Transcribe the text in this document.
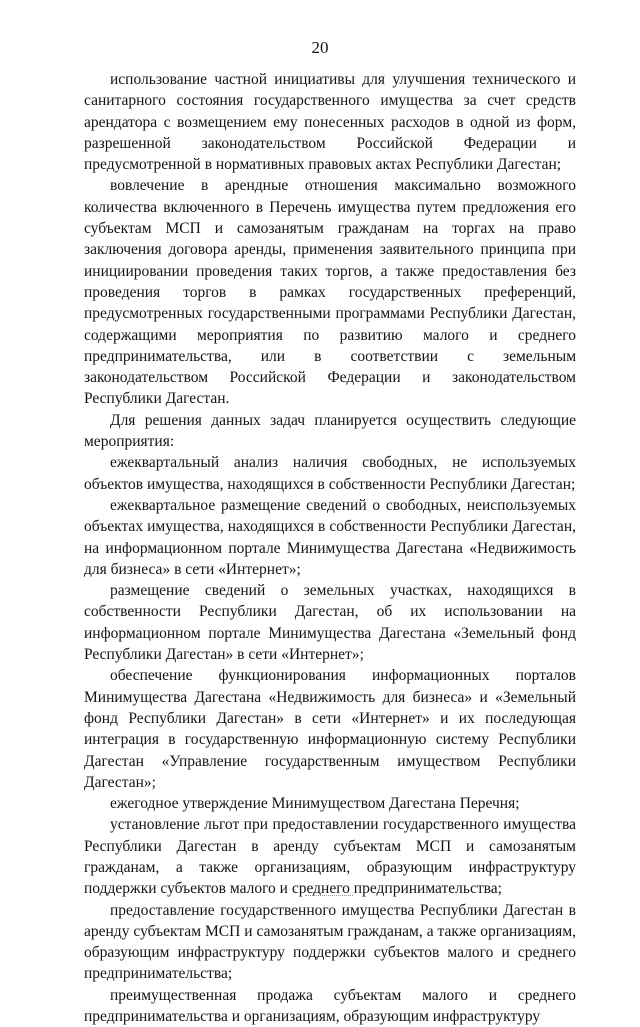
20

использование частной инициативы для улучшения технического и санитарного состояния государственного имущества за счет средств арендатора с возмещением ему понесенных расходов в одной из форм, разрешенной законодательством Российской Федерации и предусмотренной в нормативных правовых актах Республики Дагестан;

вовлечение в арендные отношения максимально возможного количества включенного в Перечень имущества путем предложения его субъектам МСП и самозанятым гражданам на торгах на право заключения договора аренды, применения заявительного принципа при инициировании проведения таких торгов, а также предоставления без проведения торгов в рамках государственных преференций, предусмотренных государственными программами Республики Дагестан, содержащими мероприятия по развитию малого и среднего предпринимательства, или в соответствии с земельным законодательством Российской Федерации и законодательством Республики Дагестан.

Для решения данных задач планируется осуществить следующие мероприятия:

ежеквартальный анализ наличия свободных, не используемых объектов имущества, находящихся в собственности Республики Дагестан;

ежеквартальное размещение сведений о свободных, неиспользуемых объектах имущества, находящихся в собственности Республики Дагестан, на информационном портале Минимущества Дагестана «Недвижимость для бизнеса» в сети «Интернет»;

размещение сведений о земельных участках, находящихся в собственности Республики Дагестан, об их использовании на информационном портале Минимущества Дагестана «Земельный фонд Республики Дагестан» в сети «Интернет»;

обеспечение функционирования информационных порталов Минимущества Дагестана «Недвижимость для бизнеса» и «Земельный фонд Республики Дагестан» в сети «Интернет» и их последующая интеграция в государственную информационную систему Республики Дагестан «Управление государственным имуществом Республики Дагестан»;

ежегодное утверждение Минимуществом Дагестана Перечня;

установление льгот при предоставлении государственного имущества Республики Дагестан в аренду субъектам МСП и самозанятым гражданам, а также организациям, образующим инфраструктуру поддержки субъектов малого и среднего предпринимательства;

предоставление государственного имущества Республики Дагестан в аренду субъектам МСП и самозанятым гражданам, а также организациям, образующим инфраструктуру поддержки субъектов малого и среднего предпринимательства;

преимущественная продажа субъектам малого и среднего предпринимательства и организациям, образующим инфраструктуру
